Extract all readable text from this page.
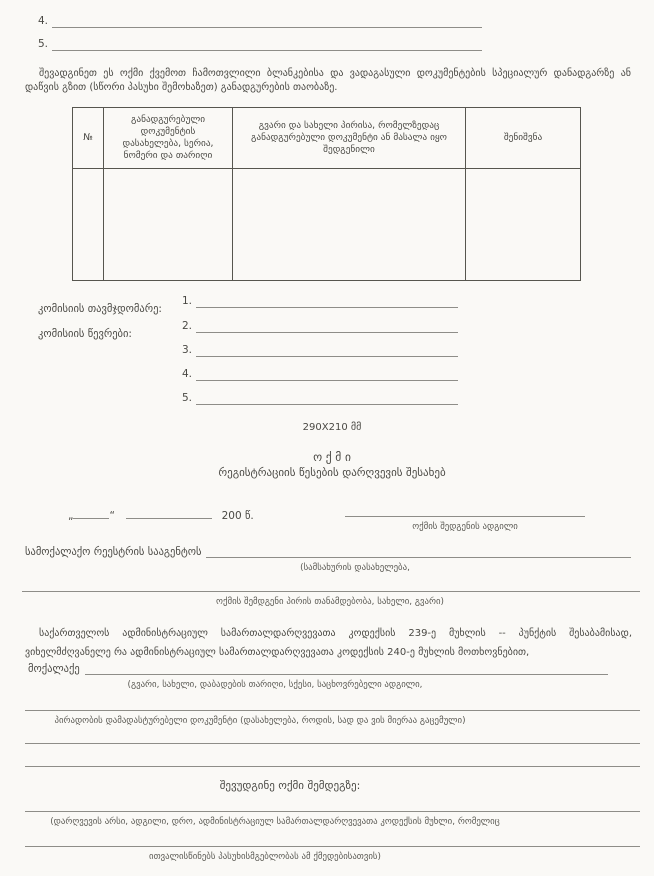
4.
5.
შევადგინეთ ეს ოქმი ქვემოთ ჩამოთვლილი ბლანკებისა და ვადაგასული დოკუმენტების სპეციალურ დანადგარზე ან დაწვის გზით (სწორი პასუხი შემოხაზეთ) განადგურების თაობაზე.
№	განადგურებული დოკუმენტის დასახელება, სერია, ნომერი და თარიღი	გვარი და სახელი პირისა, რომელზედაც განადგურებული დოკუმენტი ან მასალა იყო შედგენილი	შენიშვნა

კომისიის თავმჯდომარე:
კომისიის წევრები:
1.
2.
3.
4.
5.
290X210 მმ
ო ქ მ ი
რეგისტრაციის წესების დარღვევის შესახებ
„	“	200 წ.
ოქმის შედგენის ადგილი
სამოქალაქო რეესტრის სააგენტოს
(სამსახურის დასახელება,
ოქმის შემდგენი პირის თანამდებობა, სახელი, გვარი)
საქართველოს ადმინისტრაციულ სამართალდარღვევათა კოდექსის 239-ე მუხლის -- პუნქტის შესაბამისად, ვიხელმძღვანელე რა ადმინისტრაციულ სამართალდარღვევათა კოდექსის 240-ე მუხლის მოთხოვნებით,
მოქალაქე
(გვარი, სახელი, დაბადების თარიღი, სქესი, საცხოვრებელი ადგილი,
პირადობის დამადასტურებელი დოკუმენტი (დასახელება, როდის, სად და ვის მიერაა გაცემული)
შევუდგინე ოქმი შემდეგზე:
(დარღვევის არსი, ადგილი, დრო, ადმინისტრაციულ სამართალდარღვევათა კოდექსის მუხლი, რომელიც
ითვალისწინებს პასუხისმგებლობას ამ ქმედებისათვის)
